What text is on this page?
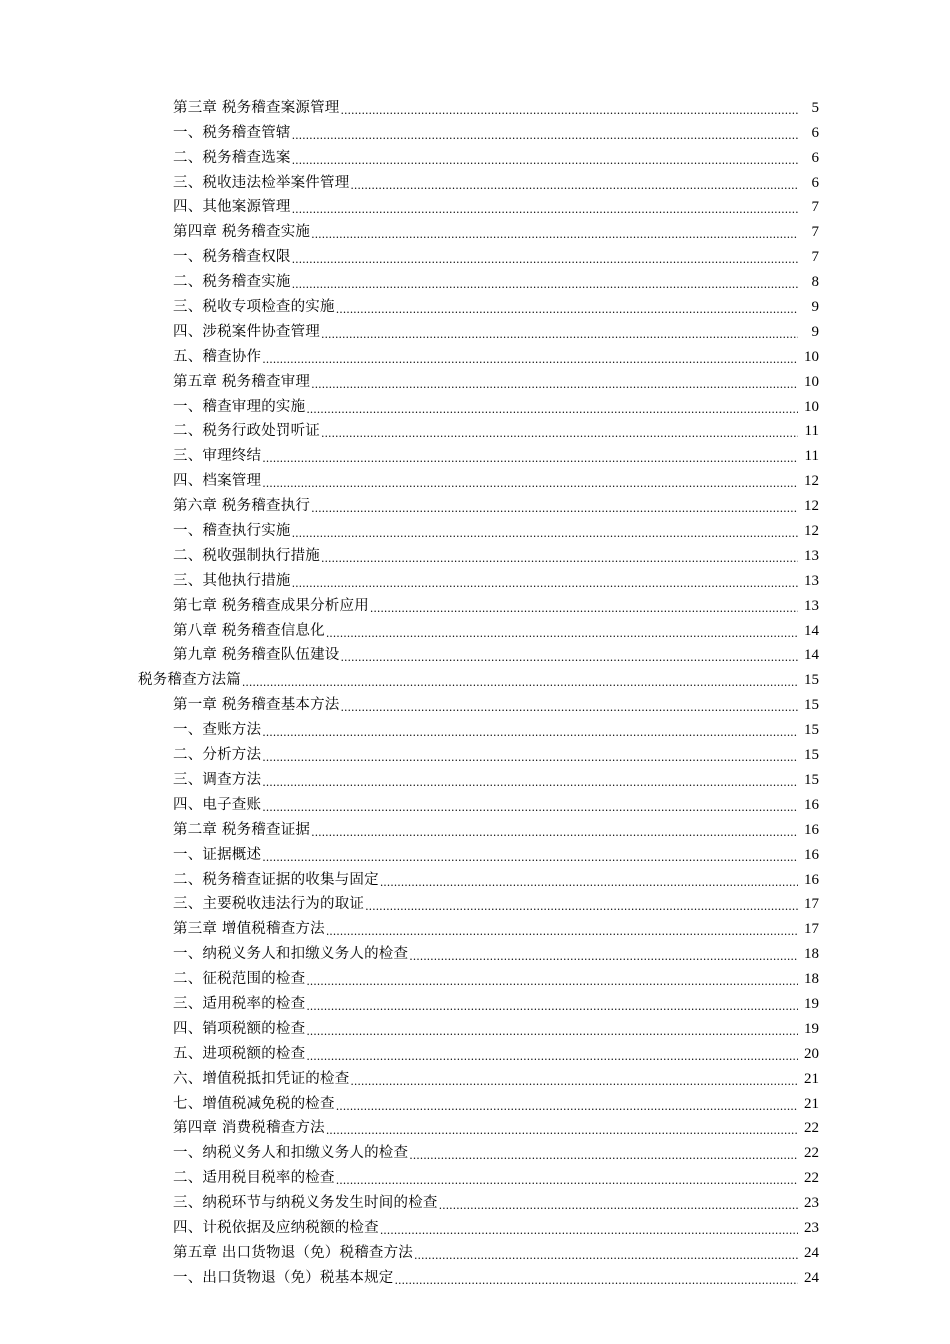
第三章 税务稽查案源管理 .....	5
一、税务稽查管辖 .....	6
二、税务稽查选案 .....	6
三、税收违法检举案件管理 .....	6
四、其他案源管理 .....	7
第四章 税务稽查实施 .....	7
一、税务稽查权限 .....	7
二、税务稽查实施 .....	8
三、税收专项检查的实施 .....	9
四、涉税案件协查管理 .....	9
五、稽查协作 .....	10
第五章 税务稽查审理 .....	10
一、稽查审理的实施 .....	10
二、税务行政处罚听证 .....	11
三、审理终结 .....	11
四、档案管理 .....	12
第六章 税务稽查执行 .....	12
一、稽查执行实施 .....	12
二、税收强制执行措施 .....	13
三、其他执行措施 .....	13
第七章 税务稽查成果分析应用 .....	13
第八章 税务稽查信息化 .....	14
第九章 税务稽查队伍建设 .....	14
税务稽查方法篇 .....	15
第一章 税务稽查基本方法 .....	15
一、查账方法 .....	15
二、分析方法 .....	15
三、调查方法 .....	15
四、电子查账 .....	16
第二章 税务稽查证据 .....	16
一、证据概述 .....	16
二、税务稽查证据的收集与固定 .....	16
三、主要税收违法行为的取证 .....	17
第三章 增值税稽查方法 .....	17
一、纳税义务人和扣缴义务人的检查 .....	18
二、征税范围的检查 .....	18
三、适用税率的检查 .....	19
四、销项税额的检查 .....	19
五、进项税额的检查 .....	20
六、增值税抵扣凭证的检查 .....	21
七、增值税减免税的检查 .....	21
第四章 消费税稽查方法 .....	22
一、纳税义务人和扣缴义务人的检查 .....	22
二、适用税目税率的检查 .....	22
三、纳税环节与纳税义务发生时间的检查 .....	23
四、计税依据及应纳税额的检查 .....	23
第五章 出口货物退（免）税稽查方法 .....	24
一、出口货物退（免）税基本规定 .....	24
